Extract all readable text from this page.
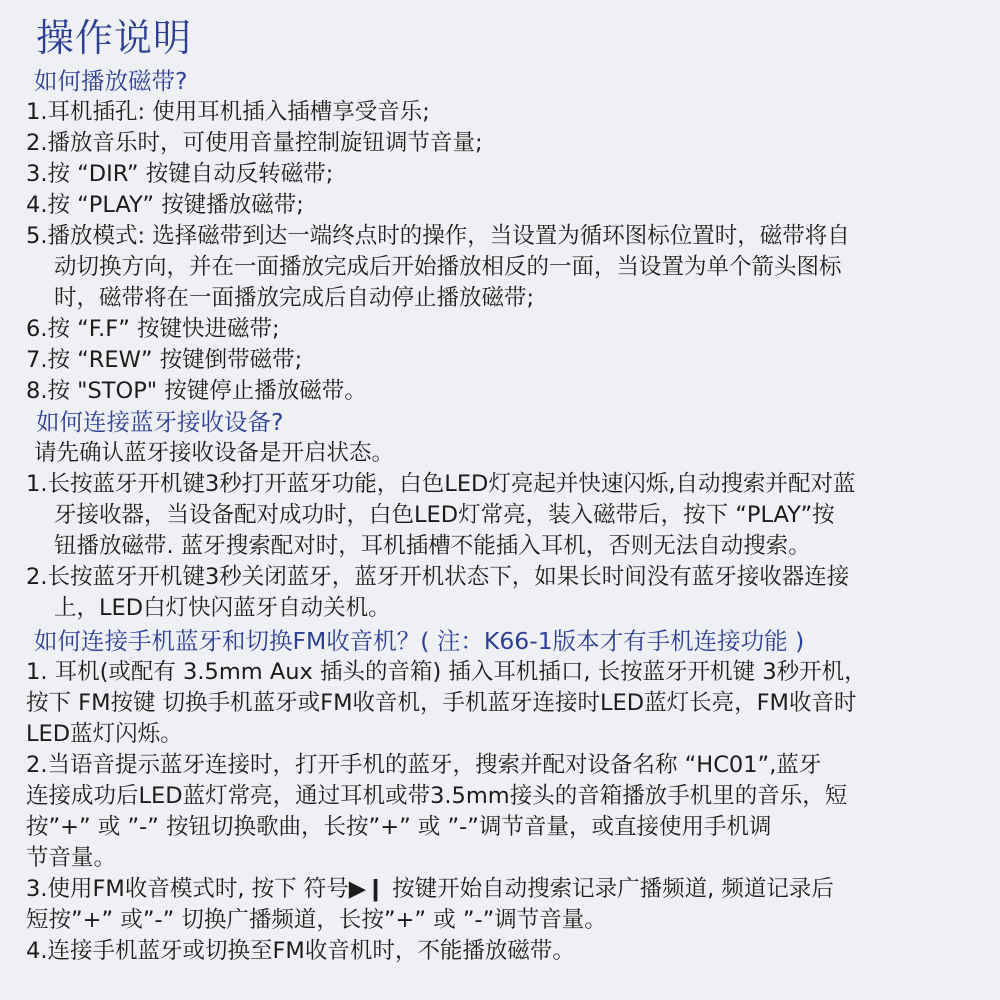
操作说明
如何播放磁带?
1.耳机插孔: 使用耳机插入插槽享受音乐;
2.播放音乐时，可使用音量控制旋钮调节音量;
3.按 “DIR” 按键自动反转磁带;
4.按 “PLAY” 按键播放磁带;
5.播放模式: 选择磁带到达一端终点时的操作，当设置为循环图标位置时，磁带将自
动切换方向，并在一面播放完成后开始播放相反的一面，当设置为单个箭头图标
时，磁带将在一面播放完成后自动停止播放磁带;
6.按 “F.F” 按键快进磁带;
7.按 “REW” 按键倒带磁带;
8.按 "STOP" 按键停止播放磁带。
如何连接蓝牙接收设备?
请先确认蓝牙接收设备是开启状态。
1.长按蓝牙开机键3秒打开蓝牙功能，白色LED灯亮起并快速闪烁,自动搜索并配对蓝
牙接收器，当设备配对成功时，白色LED灯常亮，装入磁带后，按下 “PLAY”按
钮播放磁带. 蓝牙搜索配对时，耳机插槽不能插入耳机，否则无法自动搜索。
2.长按蓝牙开机键3秒关闭蓝牙，蓝牙开机状态下，如果长时间没有蓝牙接收器连接
上，LED白灯快闪蓝牙自动关机。
如何连接手机蓝牙和切换FM收音机？( 注：K66-1版本才有手机连接功能 )
1. 耳机(或配有 3.5mm Aux 插头的音箱) 插入耳机插口, 长按蓝牙开机键 3秒开机，
按下 FM按键 切换手机蓝牙或FM收音机，手机蓝牙连接时LED蓝灯长亮，FM收音时
LED蓝灯闪烁。
2.当语音提示蓝牙连接时，打开手机的蓝牙，搜索并配对设备名称 “HC01”,蓝牙
连接成功后LED蓝灯常亮，通过耳机或带3.5mm接头的音箱播放手机里的音乐，短
按”+” 或 ”-” 按钮切换歌曲，长按”+” 或 ”-”调节音量，或直接使用手机调
节音量。
3.使用FM收音模式时, 按下 符号▶❙ 按键开始自动搜索记录广播频道, 频道记录后
短按”+” 或”-” 切换广播频道，长按”+” 或 ”-”调节音量。
4.连接手机蓝牙或切换至FM收音机时，不能播放磁带。
